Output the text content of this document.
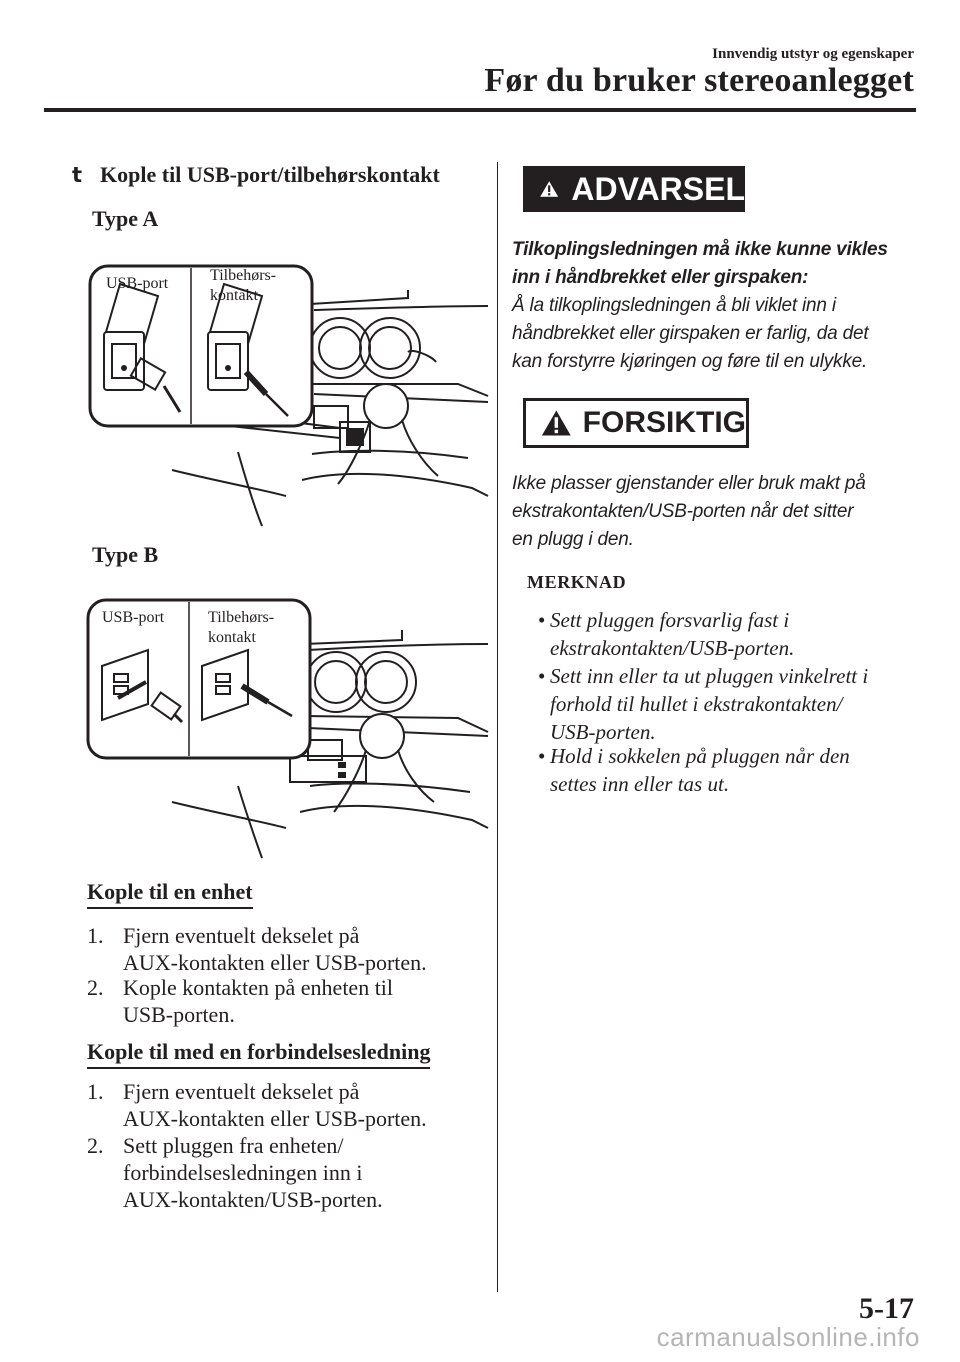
Innvendig utstyr og egenskaper
Før du bruker stereoanlegget
t Kople til USB-port/tilbehørskontakt
Type A
USB-port	Tilbehørs-
kontakt
Type B
USB-port	Tilbehørs-
kontakt
Kople til en enhet
1. Fjern eventuelt dekselet på
AUX-kontakten eller USB-porten.
2. Kople kontakten på enheten til
USB-porten.
Kople til med en forbindelsesledning
1. Fjern eventuelt dekselet på
AUX-kontakten eller USB-porten.
2. Sett pluggen fra enheten/
forbindelsesledningen inn i
AUX-kontakten/USB-porten.
ADVARSEL
Tilkoplingsledningen må ikke kunne vikles
inn i håndbrekket eller girspaken:
Å la tilkoplingsledningen å bli viklet inn i
håndbrekket eller girspaken er farlig, da det
kan forstyrre kjøringen og føre til en ulykke.
FORSIKTIG
Ikke plasser gjenstander eller bruk makt på
ekstrakontakten/USB-porten når det sitter
en plugg i den.
MERKNAD
• Sett pluggen forsvarlig fast i
ekstrakontakten/USB-porten.
• Sett inn eller ta ut pluggen vinkelrett i
forhold til hullet i ekstrakontakten/
USB-porten.
• Hold i sokkelen på pluggen når den
settes inn eller tas ut.
5-17
carmanualsonline.info
